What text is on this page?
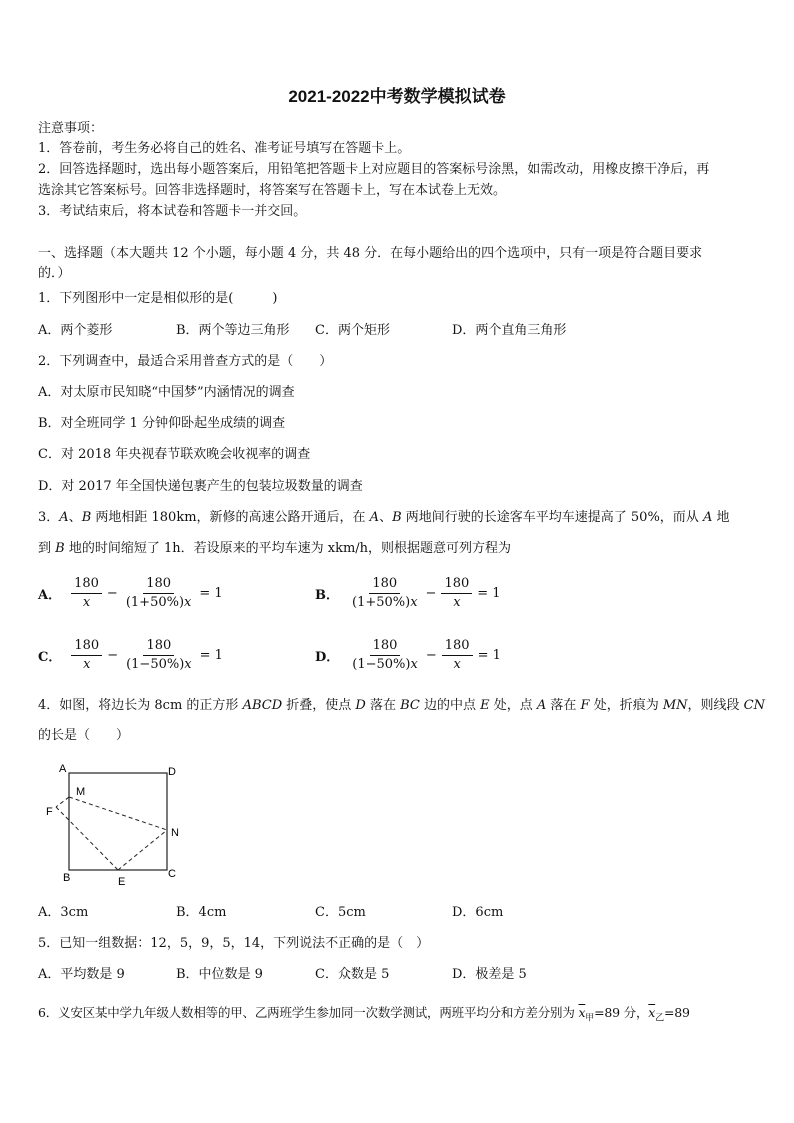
2021-2022中考数学模拟试卷
注意事项：
1．答卷前，考生务必将自己的姓名、准考证号填写在答题卡上。
2．回答选择题时，选出每小题答案后，用铅笔把答题卡上对应题目的答案标号涂黑，如需改动，用橡皮擦干净后，再
选涂其它答案标号。回答非选择题时，将答案写在答题卡上，写在本试卷上无效。
3．考试结束后，将本试卷和答题卡一并交回。
一、选择题（本大题共 12 个小题，每小题 4 分，共 48 分．在每小题给出的四个选项中，只有一项是符合题目要求
的．）
1．下列图形中一定是相似形的是(　　　)
A．两个菱形	B．两个等边三角形 C．两个矩形	D．两个直角三角形
2．下列调查中，最适合采用普查方式的是（　　）
A．对太原市民知晓“中国梦”内涵情况的调查
B．对全班同学 1 分钟仰卧起坐成绩的调查
C．对 2018 年央视春节联欢晚会收视率的调查
D．对 2017 年全国快递包裹产生的包装垃圾数量的调查
3．A、B 两地相距 180km，新修的高速公路开通后，在 A、B 两地间行驶的长途客车平均车速提高了 50%，而从 A 地
到 B 地的时间缩短了 1h．若设原来的平均车速为 xkm/h，则根据题意可列方程为
A． $\frac{180}{x} - \frac{180}{(1+50\%)x} = 1$	B． $\frac{180}{(1+50\%)x} - \frac{180}{x} = 1$
C． $\frac{180}{x} - \frac{180}{(1-50\%)x} = 1$	D． $\frac{180}{(1-50\%)x} - \frac{180}{x} = 1$
4．如图，将边长为 8cm 的正方形 ABCD 折叠，使点 D 落在 BC 边的中点 E 处，点 A 落在 F 处，折痕为 MN，则线段 CN
的长是（　　）
A	D
M
F
N
B	C
E
A．3cm	B．4cm	C．5cm	D．6cm
5．已知一组数据：12，5，9，5，14，下列说法不正确的是（　）
A．平均数是 9	B．中位数是 9	C．众数是 5	D．极差是 5
6．义安区某中学九年级人数相等的甲、乙两班学生参加同一次数学测试，两班平均分和方差分别为 $\overline{x}_甲=89$ 分，$\overline{x}_乙=89$
